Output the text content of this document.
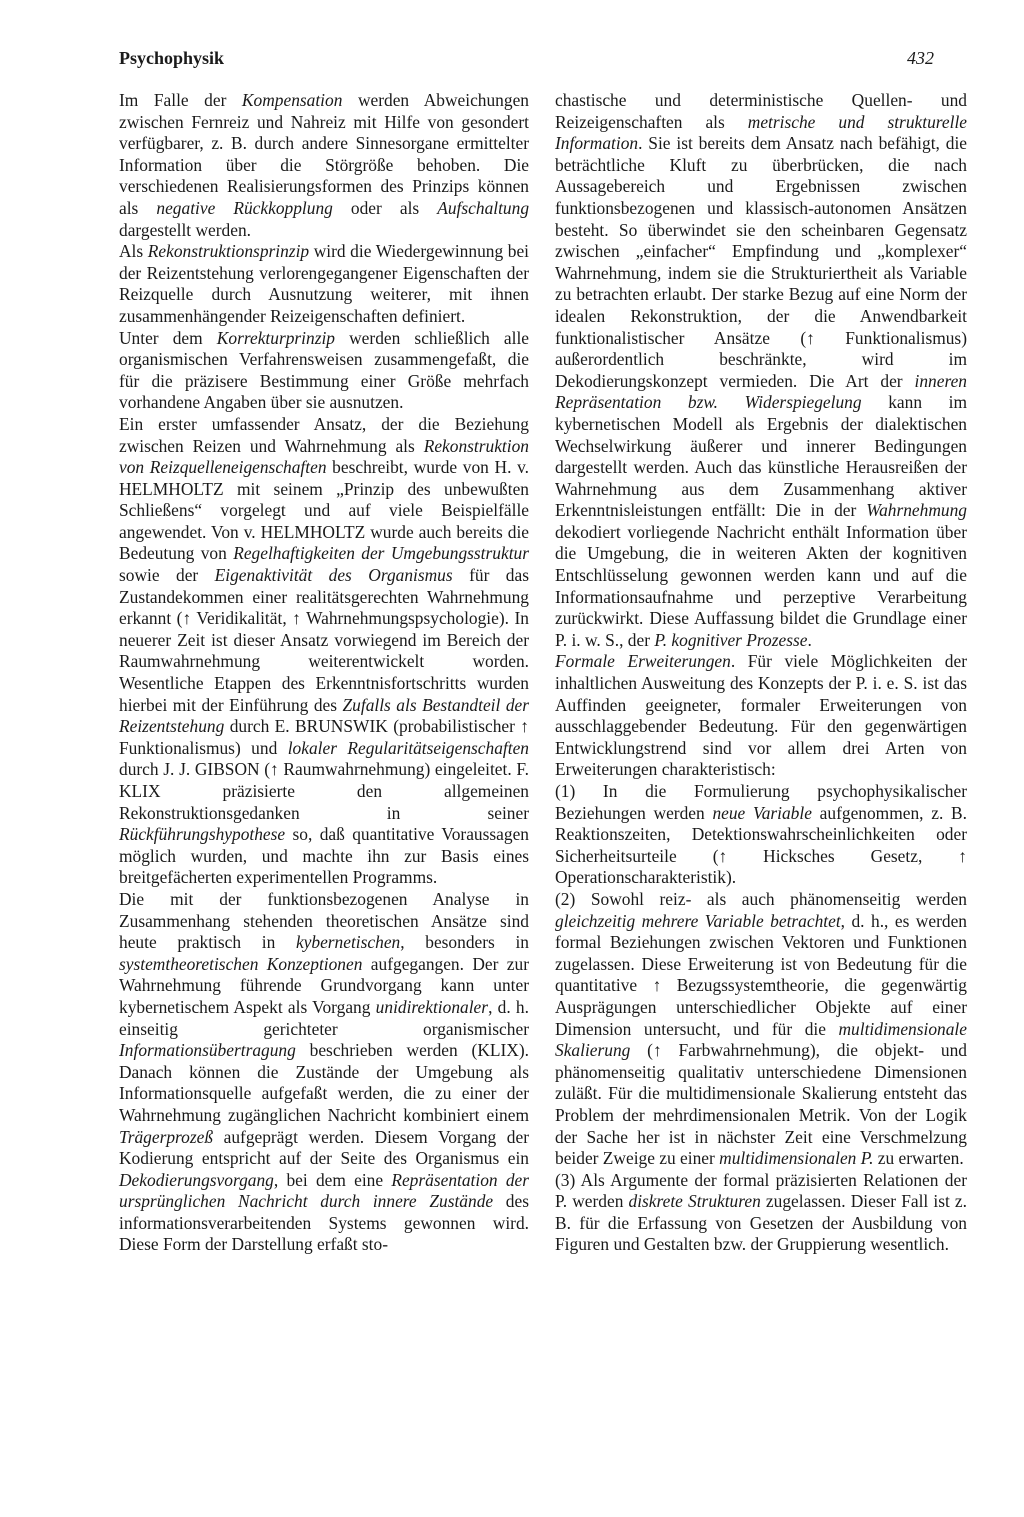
Psychophysik	432

Im Falle der Kompensation werden Abweichungen zwischen Fernreiz und Nahreiz mit Hilfe von gesondert verfügbarer, z. B. durch andere Sinnesorgane ermittelter Information über die Störgröße behoben. Die verschiedenen Realisierungsformen des Prinzips können als negative Rückkopplung oder als Aufschaltung dargestellt werden.

Als Rekonstruktionsprinzip wird die Wiedergewinnung bei der Reizentstehung verlorengegangener Eigenschaften der Reizquelle durch Ausnutzung weiterer, mit ihnen zusammenhängender Reizeigenschaften definiert.

Unter dem Korrekturprinzip werden schließlich alle organismischen Verfahrensweisen zusammengefaßt, die für die präzisere Bestimmung einer Größe mehrfach vorhandene Angaben über sie ausnutzen.

Ein erster umfassender Ansatz, der die Beziehung zwischen Reizen und Wahrnehmung als Rekonstruktion von Reizquelleneigenschaften beschreibt, wurde von H. v. HELMHOLTZ mit seinem „Prinzip des unbewußten Schließens“ vorgelegt und auf viele Beispielfälle angewendet. Von v. HELMHOLTZ wurde auch bereits die Bedeutung von Regelhaftigkeiten der Umgebungsstruktur sowie der Eigenaktivität des Organismus für das Zustandekommen einer realitätsgerechten Wahrnehmung erkannt (↑ Veridikalität, ↑ Wahrnehmungspsychologie). In neuerer Zeit ist dieser Ansatz vorwiegend im Bereich der Raumwahrnehmung weiterentwickelt worden. Wesentliche Etappen des Erkenntnisfortschritts wurden hierbei mit der Einführung des Zufalls als Bestandteil der Reizentstehung durch E. BRUNSWIK (probabilistischer ↑ Funktionalismus) und lokaler Regularitätseigenschaften durch J. J. GIBSON (↑ Raumwahrnehmung) eingeleitet. F. KLIX präzisierte den allgemeinen Rekonstruktionsgedanken in seiner Rückführungshypothese so, daß quantitative Voraussagen möglich wurden, und machte ihn zur Basis eines breitgefächerten experimentellen Programms.

Die mit der funktionsbezogenen Analyse in Zusammenhang stehenden theoretischen Ansätze sind heute praktisch in kybernetischen, besonders in systemtheoretischen Konzeptionen aufgegangen. Der zur Wahrnehmung führende Grundvorgang kann unter kybernetischem Aspekt als Vorgang unidirektionaler, d. h. einseitig gerichteter organismischer Informationsübertragung beschrieben werden (KLIX). Danach können die Zustände der Umgebung als Informationsquelle aufgefaßt werden, die zu einer der Wahrnehmung zugänglichen Nachricht kombiniert einem Trägerprozeß aufgeprägt werden. Diesem Vorgang der Kodierung entspricht auf der Seite des Organismus ein Dekodierungsvorgang, bei dem eine Repräsentation der ursprünglichen Nachricht durch innere Zustände des informationsverarbeitenden Systems gewonnen wird. Diese Form der Darstellung erfaßt sto-

chastische und deterministische Quellen- und Reizeigenschaften als metrische und strukturelle Information. Sie ist bereits dem Ansatz nach befähigt, die beträchtliche Kluft zu überbrücken, die nach Aussagebereich und Ergebnissen zwischen funktionsbezogenen und klassisch-autonomen Ansätzen besteht. So überwindet sie den scheinbaren Gegensatz zwischen „einfacher“ Empfindung und „komplexer“ Wahrnehmung, indem sie die Strukturiertheit als Variable zu betrachten erlaubt. Der starke Bezug auf eine Norm der idealen Rekonstruktion, der die Anwendbarkeit funktionalistischer Ansätze (↑ Funktionalismus) außerordentlich beschränkte, wird im Dekodierungskonzept vermieden. Die Art der inneren Repräsentation bzw. Widerspiegelung kann im kybernetischen Modell als Ergebnis der dialektischen Wechselwirkung äußerer und innerer Bedingungen dargestellt werden. Auch das künstliche Herausreißen der Wahrnehmung aus dem Zusammenhang aktiver Erkenntnisleistungen entfällt: Die in der Wahrnehmung dekodiert vorliegende Nachricht enthält Information über die Umgebung, die in weiteren Akten der kognitiven Entschlüsselung gewonnen werden kann und auf die Informationsaufnahme und perzeptive Verarbeitung zurückwirkt. Diese Auffassung bildet die Grundlage einer P. i. w. S., der P. kognitiver Prozesse.

Formale Erweiterungen. Für viele Möglichkeiten der inhaltlichen Ausweitung des Konzepts der P. i. e. S. ist das Auffinden geeigneter, formaler Erweiterungen von ausschlaggebender Bedeutung. Für den gegenwärtigen Entwicklungstrend sind vor allem drei Arten von Erweiterungen charakteristisch:

(1) In die Formulierung psychophysikalischer Beziehungen werden neue Variable aufgenommen, z. B. Reaktionszeiten, Detektionswahrscheinlichkeiten oder Sicherheitsurteile (↑ Hicksches Gesetz, ↑ Operationscharakteristik).

(2) Sowohl reiz- als auch phänomenseitig werden gleichzeitig mehrere Variable betrachtet, d. h., es werden formal Beziehungen zwischen Vektoren und Funktionen zugelassen. Diese Erweiterung ist von Bedeutung für die quantitative ↑ Bezugssystemtheorie, die gegenwärtig Ausprägungen unterschiedlicher Objekte auf einer Dimension untersucht, und für die multidimensionale Skalierung (↑ Farbwahrnehmung), die objekt- und phänomenseitig qualitativ unterschiedene Dimensionen zuläßt. Für die multidimensionale Skalierung entsteht das Problem der mehrdimensionalen Metrik. Von der Logik der Sache her ist in nächster Zeit eine Verschmelzung beider Zweige zu einer multidimensionalen P. zu erwarten.

(3) Als Argumente der formal präzisierten Relationen der P. werden diskrete Strukturen zugelassen. Dieser Fall ist z. B. für die Erfassung von Gesetzen der Ausbildung von Figuren und Gestalten bzw. der Gruppierung wesentlich.
